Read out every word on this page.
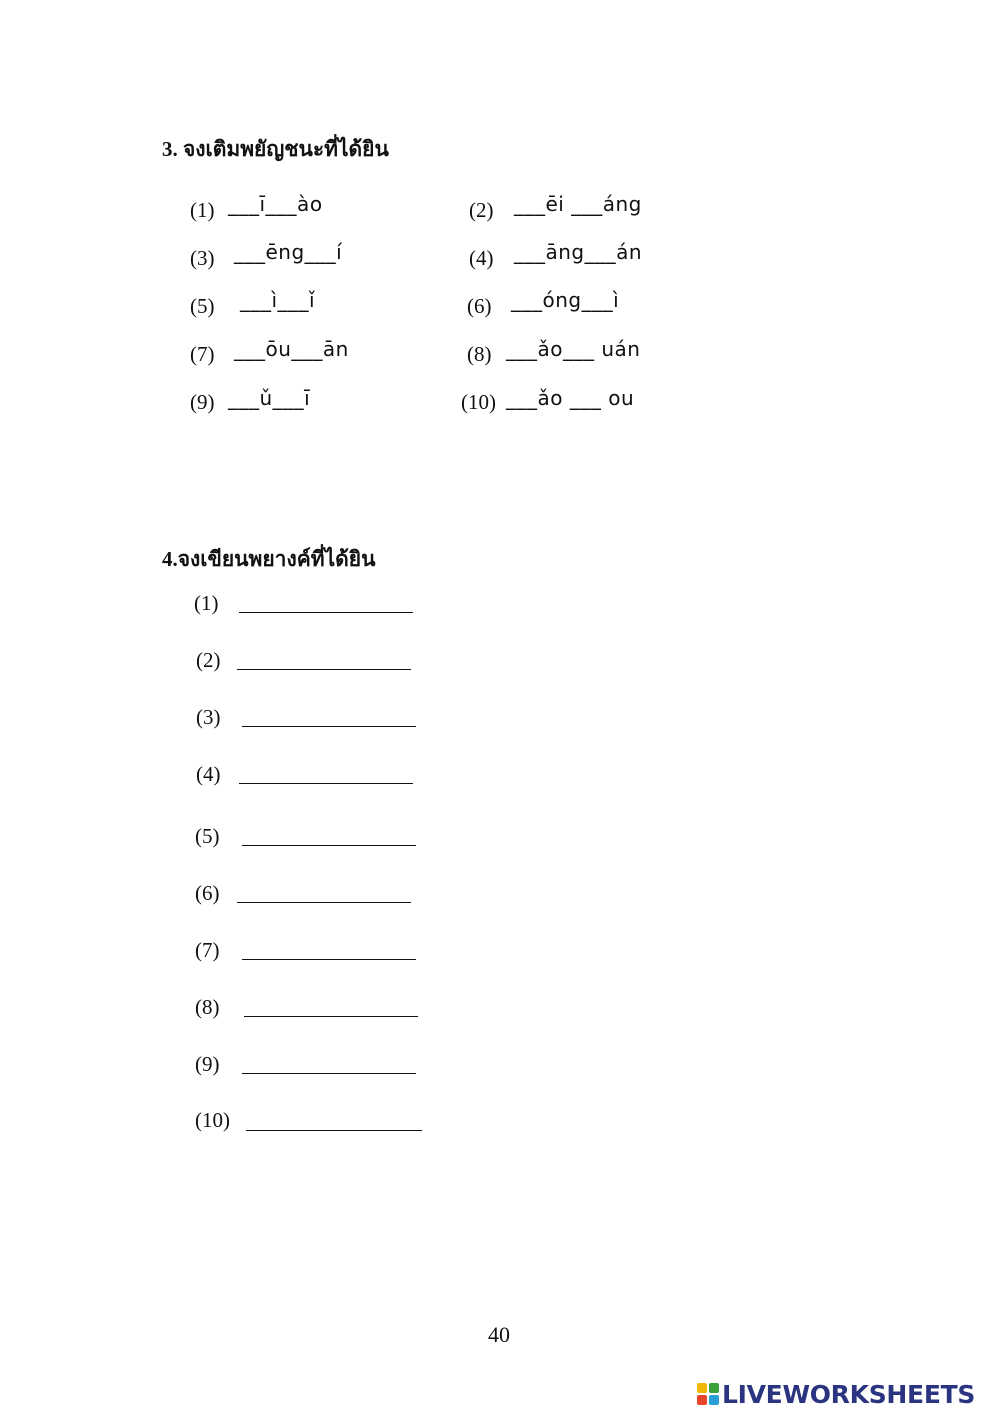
3. จงเติมพยัญชนะที่ได้ยิน
(1) ___ī___ào
(3) ___ēng___í
(5) ___ì___ǐ
(7) ___ōu___ān
(9) ___ǔ___ī
(2) ___ēi ___áng
(4) ___āng___án
(6) ___óng___ì
(8) ___ǎo___ uán
(10) ___ǎo ___ ou
4.จงเขียนพยางค์ที่ได้ยิน
(1)
(2)
(3)
(4)
(5)
(6)
(7)
(8)
(9)
(10)
40
LIVEWORKSHEETS
